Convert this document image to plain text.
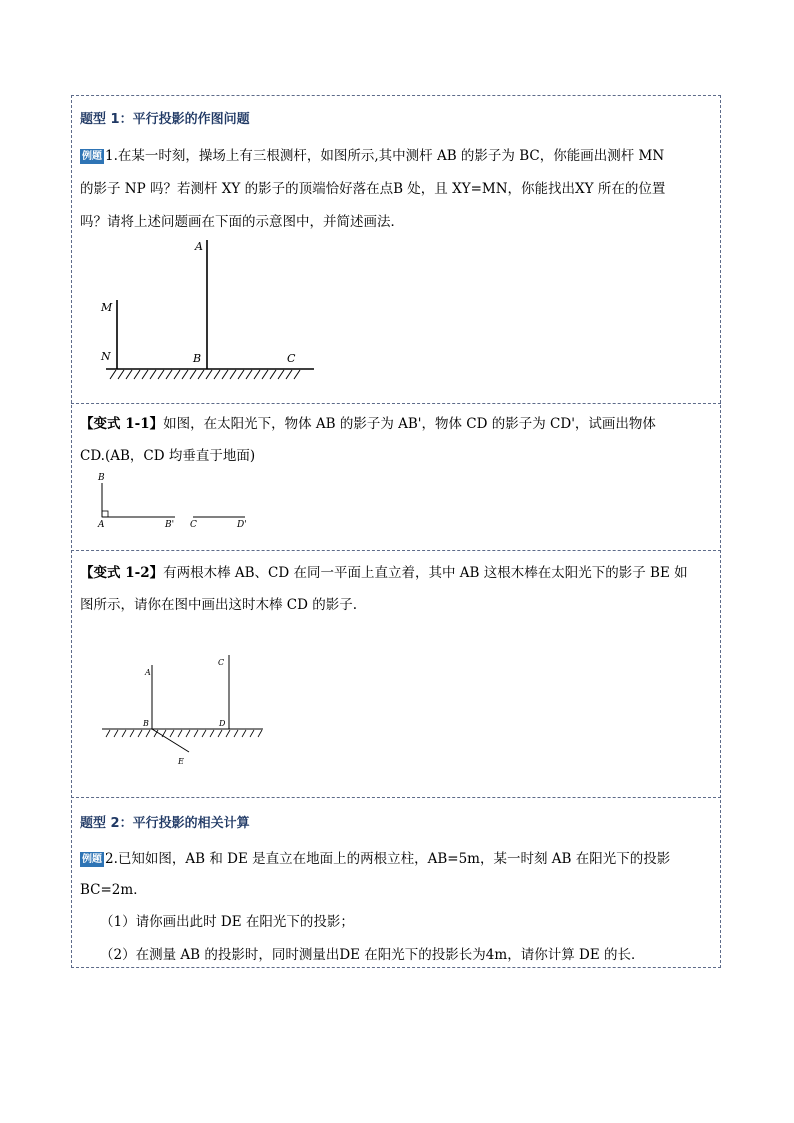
题型 1：平行投影的作图问题
例题 1.在某一时刻，操场上有三根测杆，如图所示,其中测杆 AB 的影子为 BC，你能画出测杆 MN
的影子 NP 吗？若测杆 XY 的影子的顶端恰好落在点B 处，且 XY=MN，你能找出XY 所在的位置
吗？请将上述问题画在下面的示意图中，并简述画法．
A
M
N	B	C
【变式 1-1】如图，在太阳光下，物体 AB 的影子为 AB'，物体 CD 的影子为 CD'，试画出物体
CD.(AB，CD 均垂直于地面)
B
A	B' C	D'
【变式 1-2】有两根木棒 AB、CD 在同一平面上直立着，其中 AB 这根木棒在太阳光下的影子 BE 如
图所示，请你在图中画出这时木棒 CD 的影子.
A
C
B	D
E
题型 2：平行投影的相关计算
例题 2.已知如图，AB 和 DE 是直立在地面上的两根立柱，AB=5m，某一时刻 AB 在阳光下的投影
BC=2m．
（1）请你画出此时 DE 在阳光下的投影；
（2）在测量 AB 的投影时，同时测量出DE 在阳光下的投影长为4m，请你计算 DE 的长．
